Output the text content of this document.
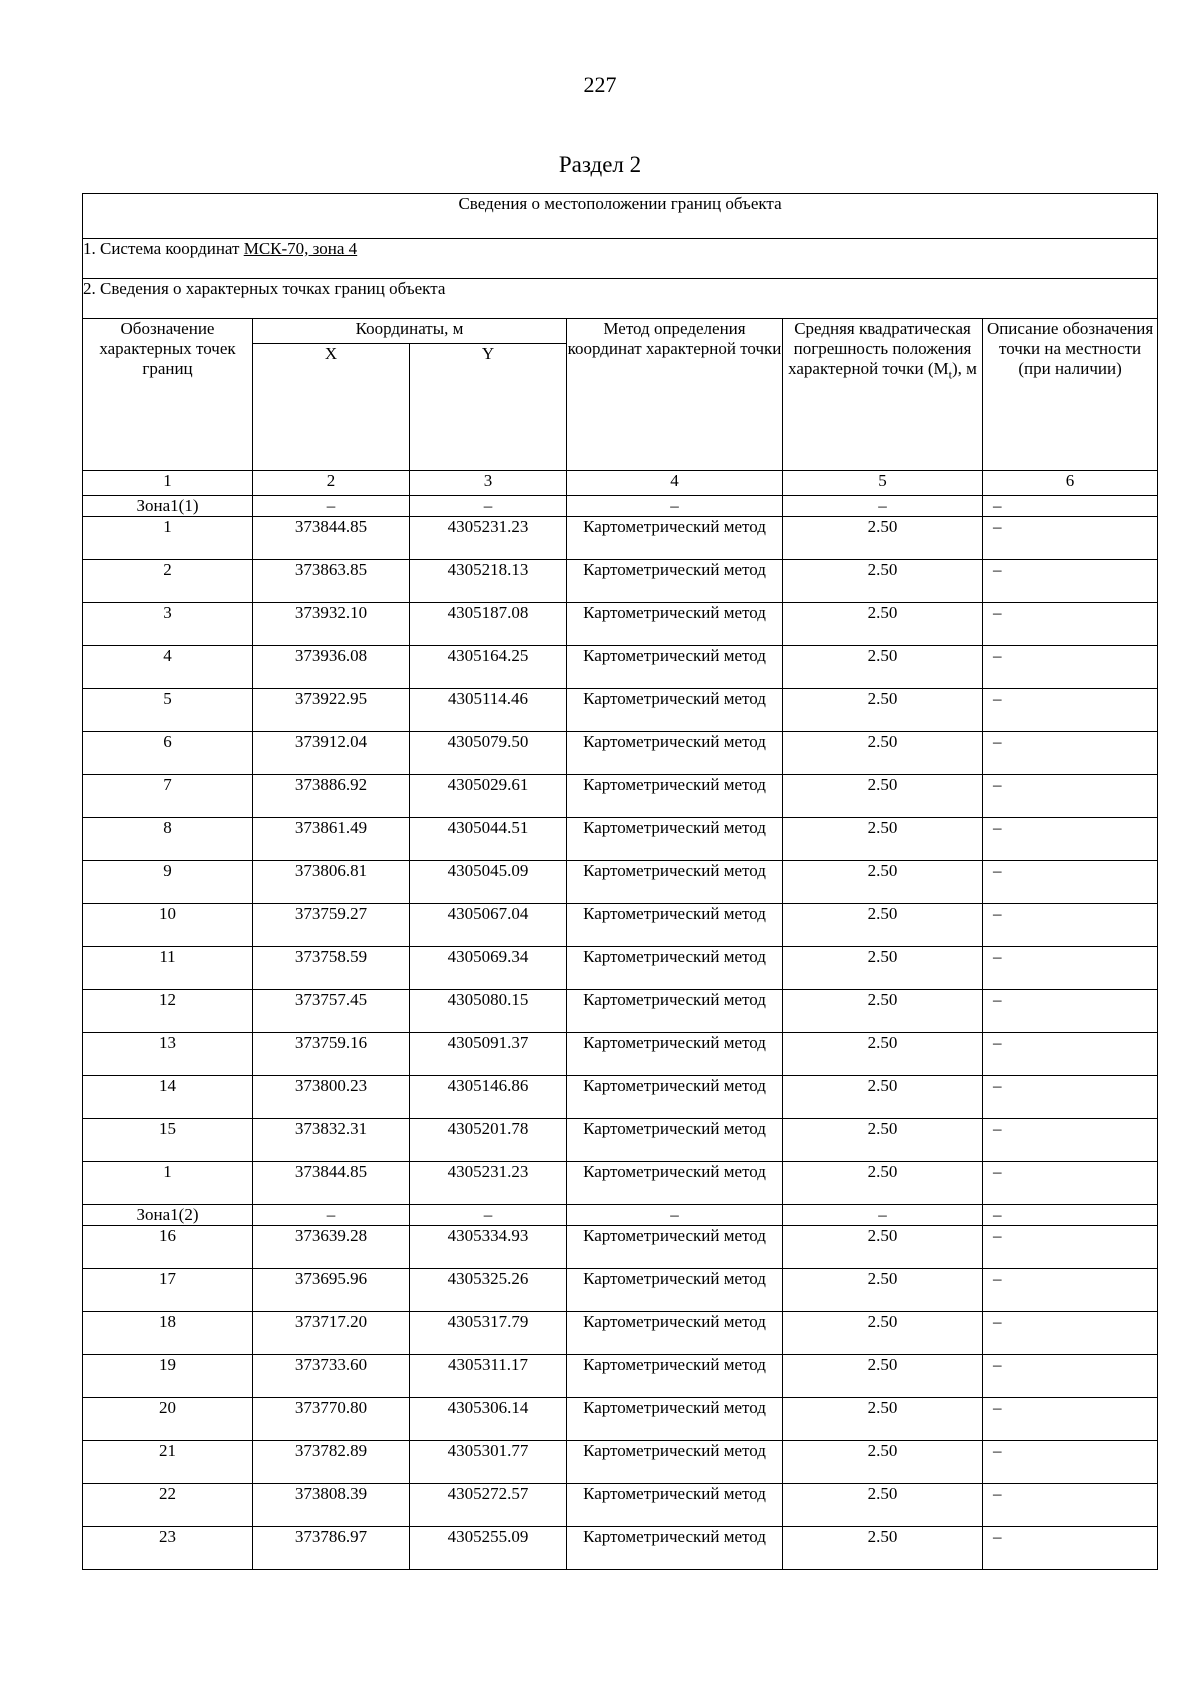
227
Раздел 2
Сведения о местоположении границ объекта					
1. Система координат МСК-70, зона 4					
2. Сведения о характерных точках границ объекта					
Обозначение характерных точек границ	Координаты, м		Метод определения координат характерной точки	Средняя квадратическая погрешность положения характерной точки $(M_t)$, м	Описание обозначения точки на местности (при наличии)
	X	Y			
1	2	3	4	5	6
Зона1(1)	–	–	–	–	–
1	373844.85	4305231.23	Картометрический метод	2.50	–
2	373863.85	4305218.13	Картометрический метод	2.50	–
3	373932.10	4305187.08	Картометрический метод	2.50	–
4	373936.08	4305164.25	Картометрический метод	2.50	–
5	373922.95	4305114.46	Картометрический метод	2.50	–
6	373912.04	4305079.50	Картометрический метод	2.50	–
7	373886.92	4305029.61	Картометрический метод	2.50	–
8	373861.49	4305044.51	Картометрический метод	2.50	–
9	373806.81	4305045.09	Картометрический метод	2.50	–
10	373759.27	4305067.04	Картометрический метод	2.50	–
11	373758.59	4305069.34	Картометрический метод	2.50	–
12	373757.45	4305080.15	Картометрический метод	2.50	–
13	373759.16	4305091.37	Картометрический метод	2.50	–
14	373800.23	4305146.86	Картометрический метод	2.50	–
15	373832.31	4305201.78	Картометрический метод	2.50	–
1	373844.85	4305231.23	Картометрический метод	2.50	–
Зона1(2)	–	–	–	–	–
16	373639.28	4305334.93	Картометрический метод	2.50	–
17	373695.96	4305325.26	Картометрический метод	2.50	–
18	373717.20	4305317.79	Картометрический метод	2.50	–
19	373733.60	4305311.17	Картометрический метод	2.50	–
20	373770.80	4305306.14	Картометрический метод	2.50	–
21	373782.89	4305301.77	Картометрический метод	2.50	–
22	373808.39	4305272.57	Картометрический метод	2.50	–
23	373786.97	4305255.09	Картометрический метод	2.50	–
